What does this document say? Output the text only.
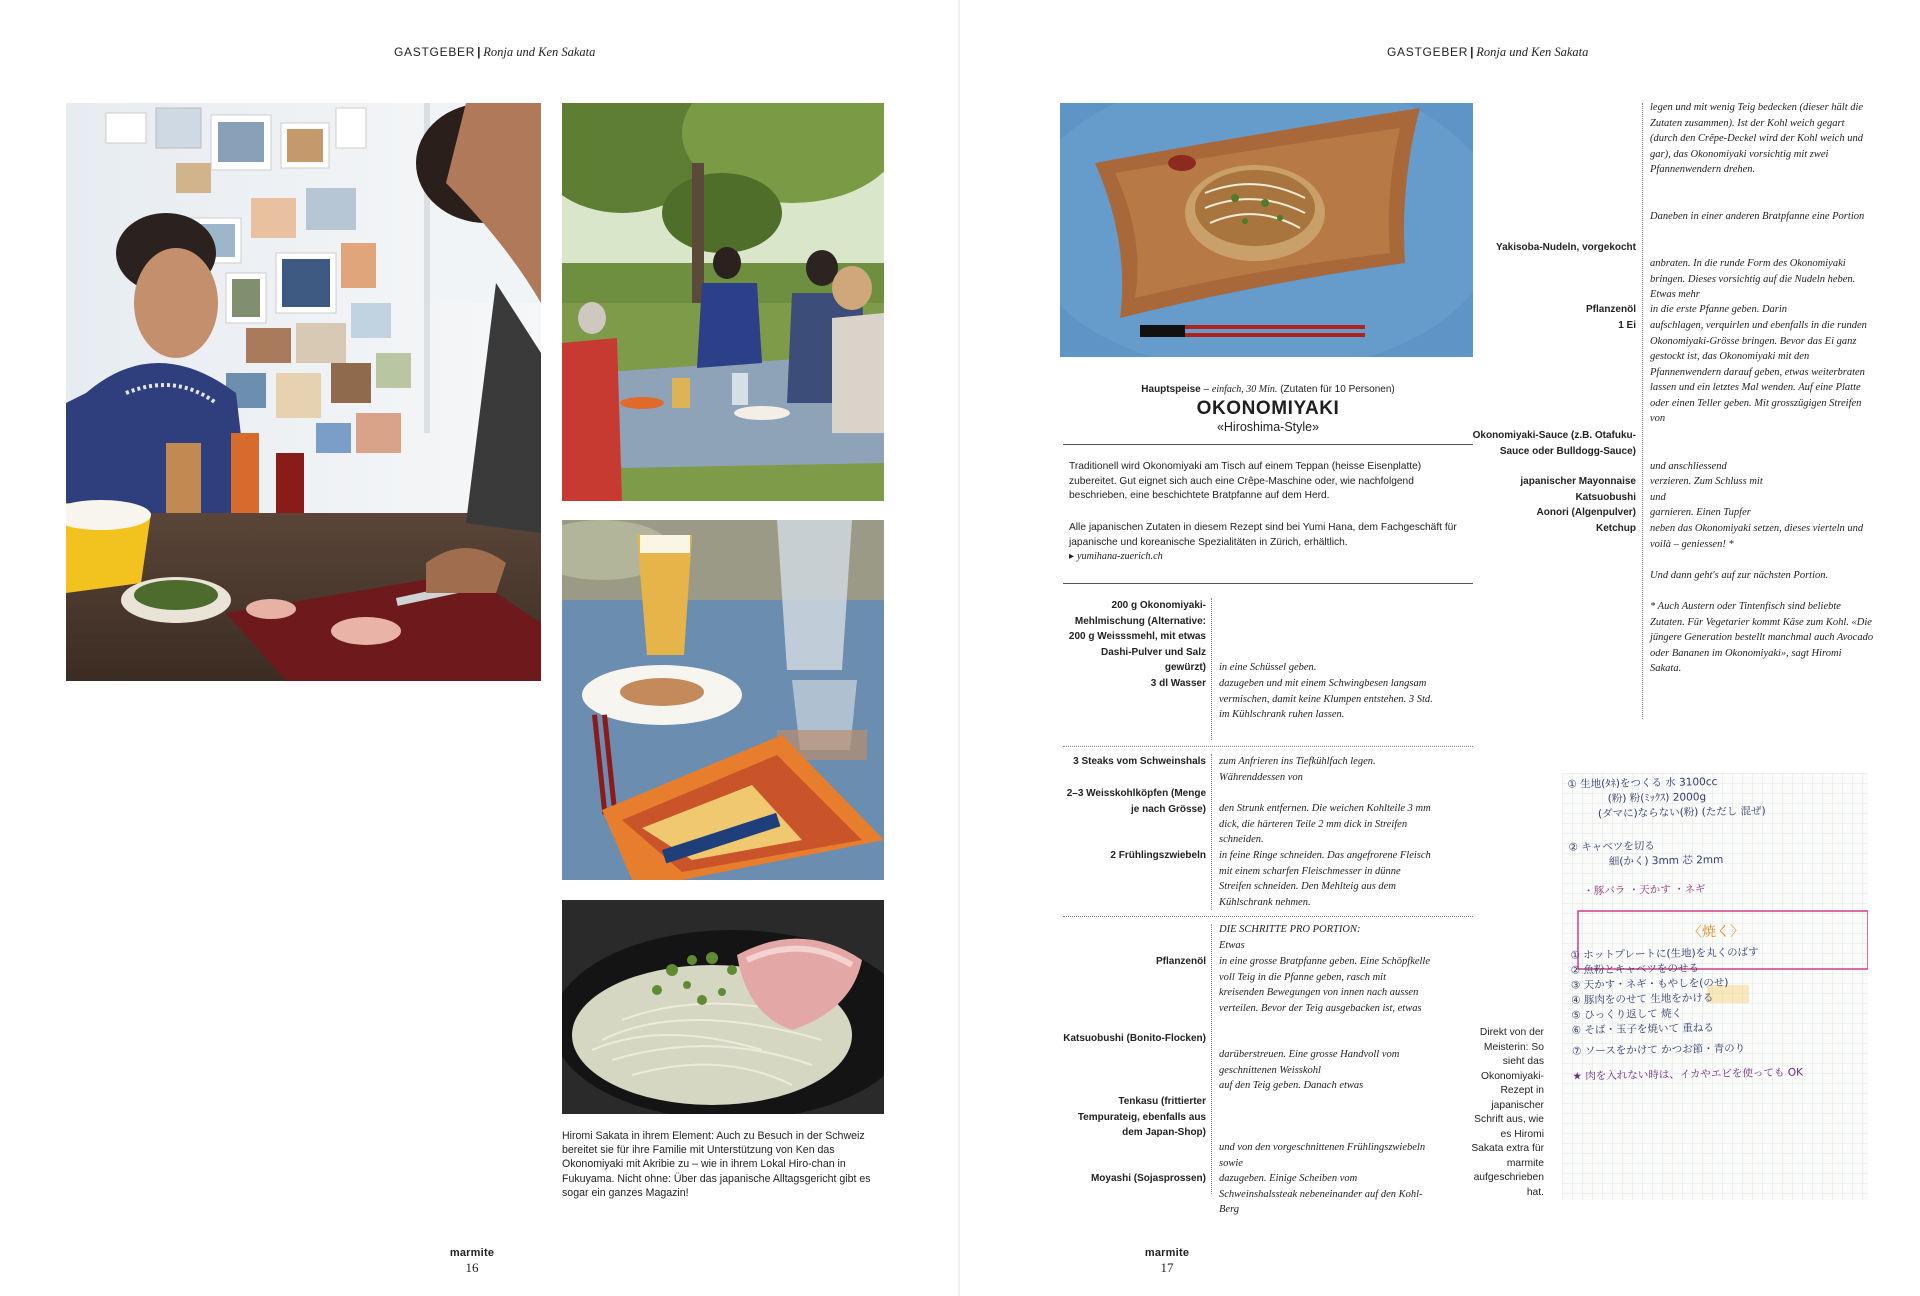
GASTGEBER | Ronja und Ken Sakata
Hiromi Sakata in ihrem Element: Auch zu Besuch in der Schweiz bereitet sie für ihre Familie mit Unterstützung von Ken das Okonomiyaki mit Akribie zu – wie in ihrem Lokal Hiro-chan in Fukuyama. Nicht ohne: Über das japanische Alltagsgericht gibt es sogar ein ganzes Magazin!
marmite
16
GASTGEBER | Ronja und Ken Sakata
marmite
17
Hauptspeise – einfach, 30 Min. (Zutaten für 10 Personen)
OKONOMIYAKI
«Hiroshima-Style»
Traditionell wird Okonomiyaki am Tisch auf einem Teppan (heisse Eisenplatte) zubereitet. Gut eignet sich auch eine Crêpe-Maschine oder, wie nachfolgend beschrieben, eine beschichtete Bratpfanne auf dem Herd.
Alle japanischen Zutaten in diesem Rezept sind bei Yumi Hana, dem Fachgeschäft für japanische und koreanische Spezialitäten in Zürich, erhältlich.
▸ yumihana-zuerich.ch
200 g Okonomiyaki-Mehlmischung (Alternative: 200 g Weisssmehl, mit etwas Dashi-Pulver und Salz gewürzt)
3 dl Wasser
in eine Schüssel geben.
dazugeben und mit einem Schwingbesen langsam vermischen, damit keine Klumpen entstehen. 3 Std. im Kühlschrank ruhen lassen.
3 Steaks vom Schweinshals
2–3 Weisskohlköpfen (Menge je nach Grösse)
2 Frühlingszwiebeln
zum Anfrieren ins Tiefkühlfach legen. Währenddessen von
den Strunk entfernen. Die weichen Kohlteile 3 mm dick, die härteren Teile 2 mm dick in Streifen schneiden.
in feine Ringe schneiden. Das angefrorene Fleisch mit einem scharfen Fleischmesser in dünne Streifen schneiden. Den Mehlteig aus dem Kühlschrank nehmen.
DIE SCHRITTE PRO PORTION:
Etwas
Pflanzenöl in eine grosse Bratpfanne geben. Eine Schöpfkelle voll Teig in die Pfanne geben, rasch mit kreisenden Bewegungen von innen nach aussen verteilen. Bevor der Teig ausgebacken ist, etwas
Katsuobushi (Bonito-Flocken)
darüberstreuen. Eine grosse Handvoll vom geschnittenen Weisskohl
auf den Teig geben. Danach etwas
Tenkasu (frittierter Tempurateig, ebenfalls aus dem Japan-Shop)
und von den vorgeschnittenen Frühlingszwiebeln sowie
Moyashi (Sojasprossen) dazugeben. Einige Scheiben vom Schweinshalssteak nebeneinander auf den Kohl-Berg
legen und mit wenig Teig bedecken (dieser hält die Zutaten zusammen). Ist der Kohl weich gegart (durch den Crêpe-Deckel wird der Kohl weich und gar), das Okonomiyaki vorsichtig mit zwei Pfannenwendern drehen.
Daneben in einer anderen Bratpfanne eine Portion
Yakisoba-Nudeln, vorgekocht
anbraten. In die runde Form des Okonomiyaki bringen. Dieses vorsichtig auf die Nudeln heben. Etwas mehr
Pflanzenöl in die erste Pfanne geben. Darin
1 Ei aufschlagen, verquirlen und ebenfalls in die runden Okonomiyaki-Grösse bringen. Bevor das Ei ganz gestockt ist, das Okonomiyaki mit den Pfannenwendern darauf geben, etwas weiterbraten lassen und ein letztes Mal wenden. Auf eine Platte oder einen Teller geben. Mit grosszügigen Streifen von
Okonomiyaki-Sauce (z.B. Otafuku-Sauce oder Bulldogg-Sauce)
und anschliessend
japanischer Mayonnaise verzieren. Zum Schluss mit
Katsuobushi und
Aonori (Algenpulver) garnieren. Einen Tupfer
Ketchup neben das Okonomiyaki setzen, dieses vierteln und voilà – geniessen! *
Und dann geht's auf zur nächsten Portion.
* Auch Austern oder Tintenfisch sind beliebte Zutaten. Für Vegetarier kommt Käse zum Kohl. «Die jüngere Generation bestellt manchmal auch Avocado oder Bananen im Okonomiyaki», sagt Hiromi Sakata.
Direkt von der Meisterin: So sieht das Okonomiyaki-Rezept in japanischer Schrift aus, wie es Hiromi Sakata extra für marmite aufgeschrieben hat.
① 生地(ﾀﾈ)をつくる 水 3100cc
(粉) 粉(ﾐｯｸｽ) 2000g
(ダマに)ならない(粉) (ただし 混ぜ)
② キャベツを切る
細(かく) 3mm 芯 2mm
・豚バラ ・天かす ・ネギ
〈焼く〉
① ホットプレートに(生地)を丸くのばす
② 魚粉とキャベツをのせる
③ 天かす・ネギ・もやしを(のせ)
④ 豚肉をのせて 生地をかける
⑤ ひっくり返して 焼く
⑥ そば・玉子を焼いて 重ねる
⑦ ソースをかけて かつお節・青のり
★ 肉を入れない時は、イカやエビを使っても OK
